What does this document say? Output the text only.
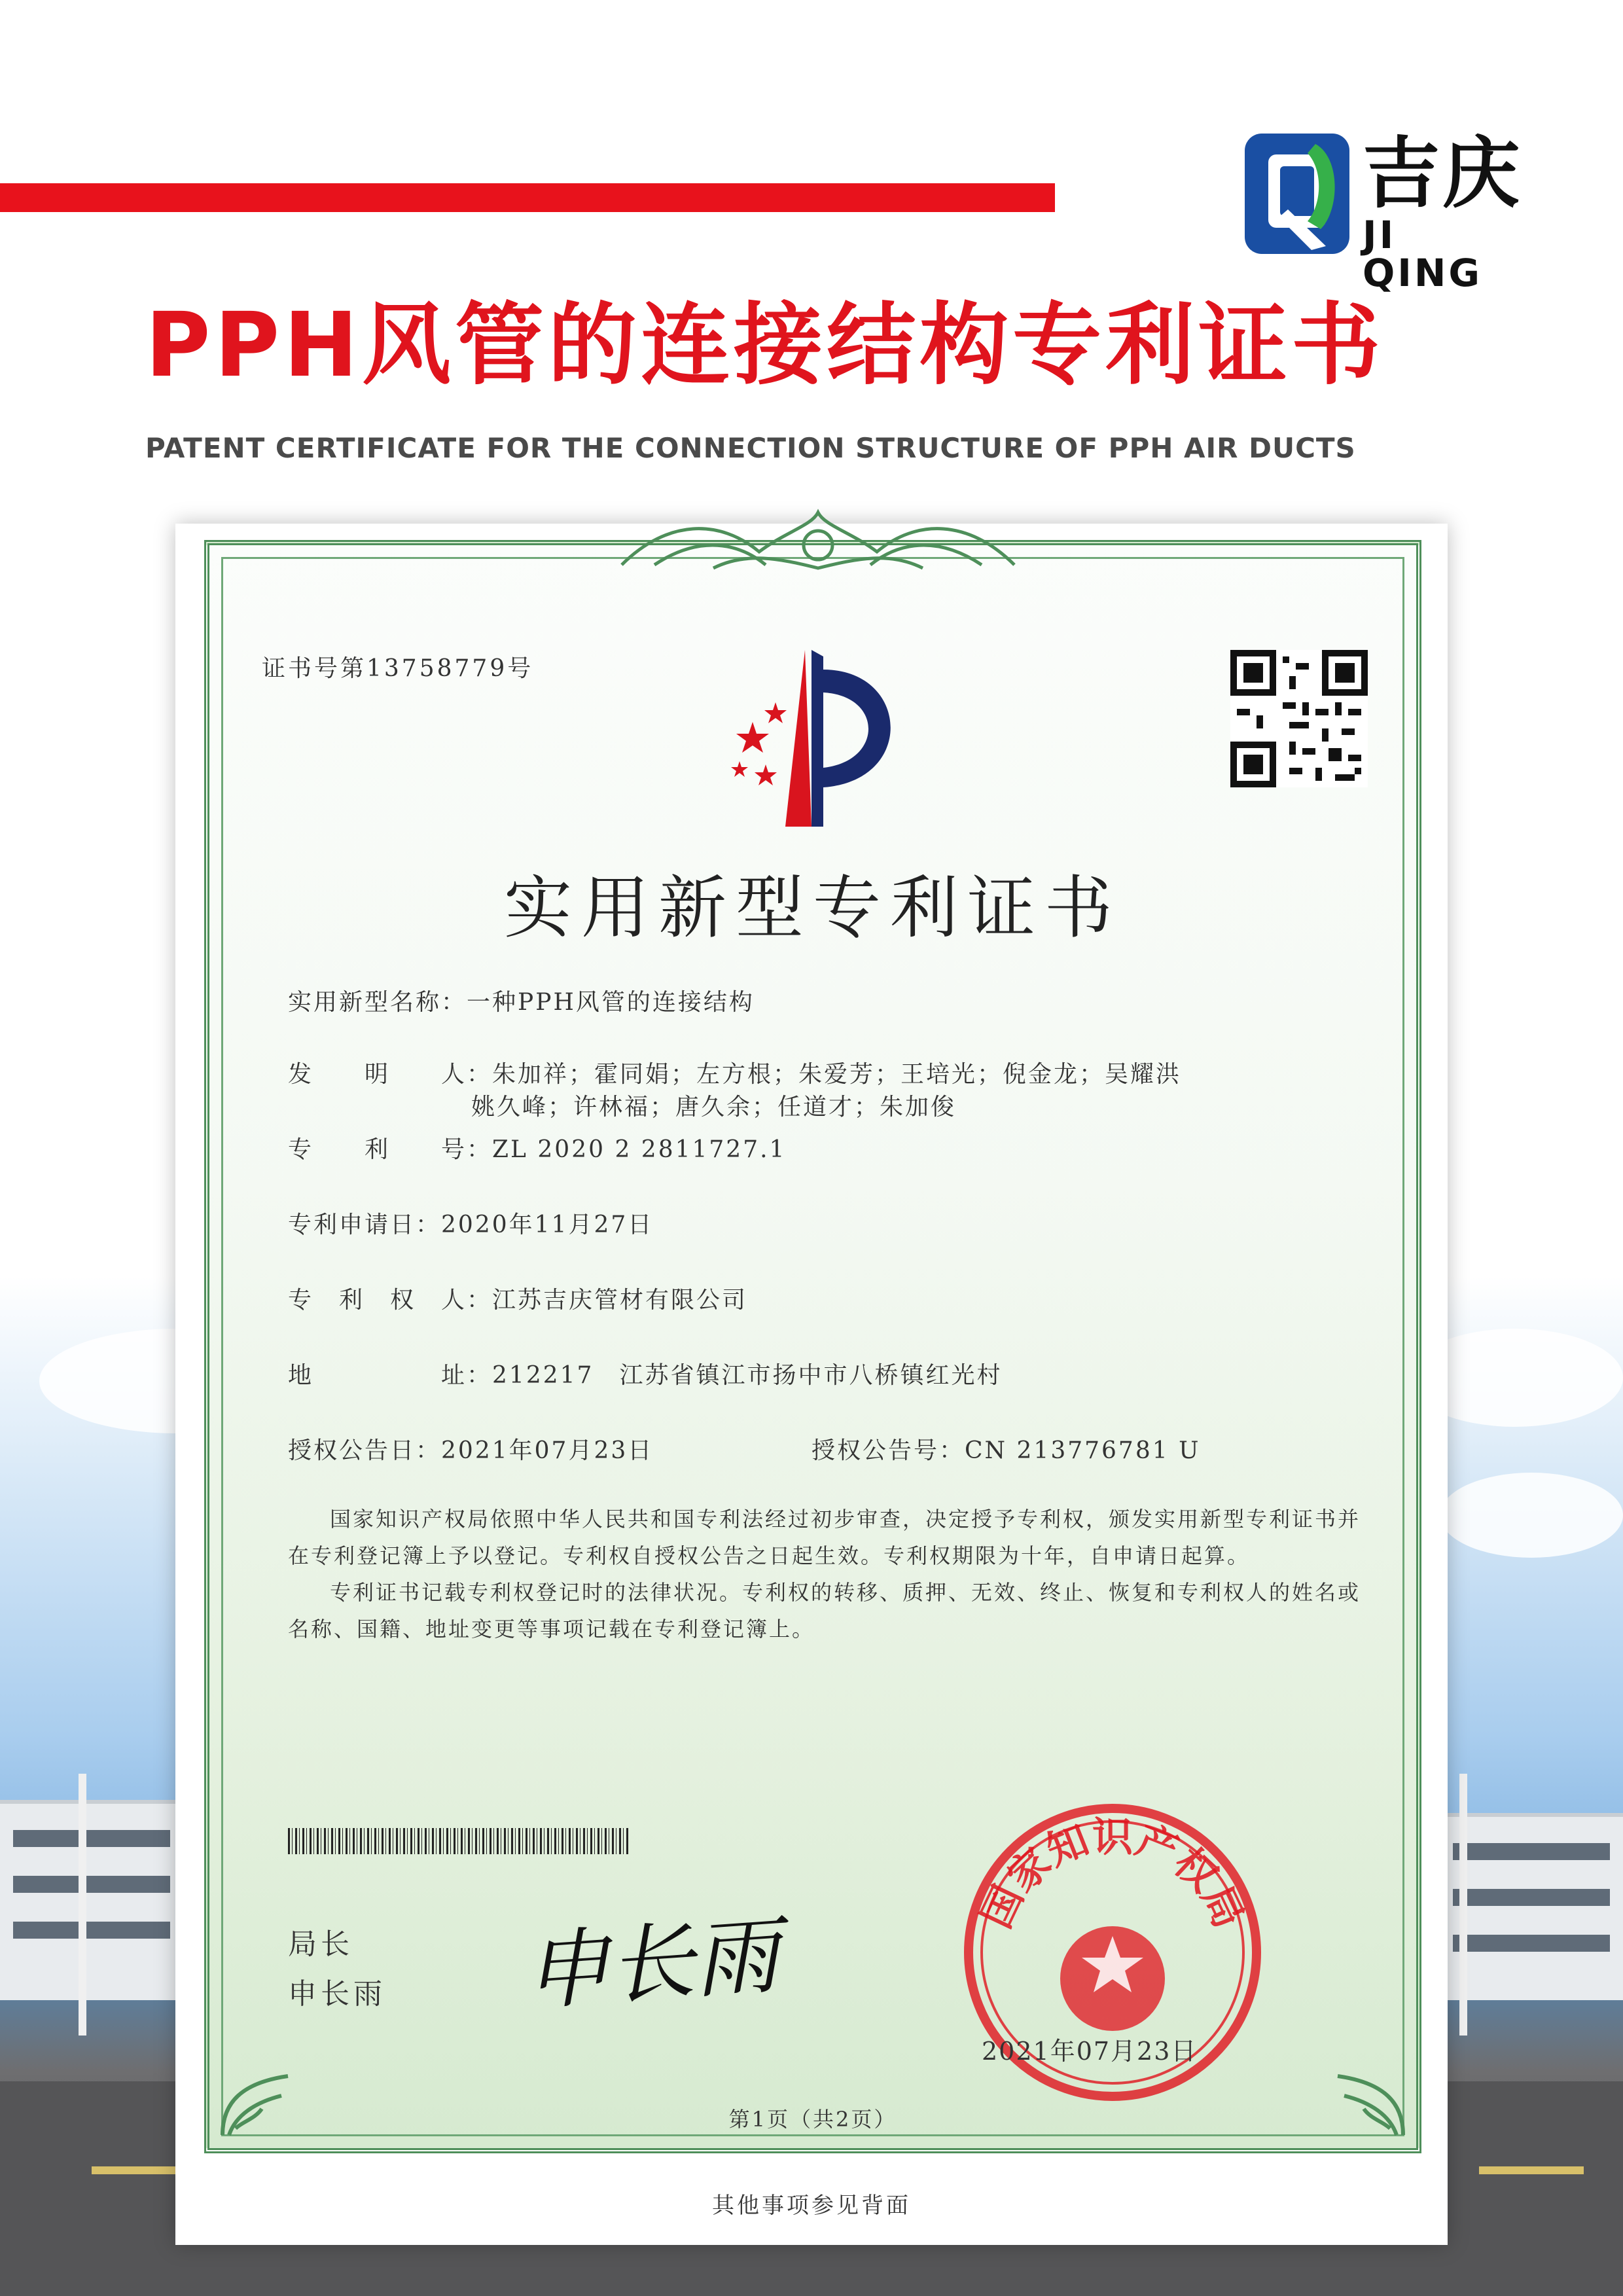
吉庆
JI QING
PPH风管的连接结构专利证书
PATENT CERTIFICATE FOR THE CONNECTION STRUCTURE OF PPH AIR DUCTS
证书号第13758779号
实用新型专利证书
实用新型名称：一种PPH风管的连接结构
发　　明　　人：朱加祥；霍同娟；左方根；朱爱芳；王培光；倪金龙；吴耀洪
姚久峰；许林福；唐久余；任道才；朱加俊
专　　利　　号：ZL 2020 2 2811727.1
专利申请日：2020年11月27日
专　利　权　人：江苏吉庆管材有限公司
地　　　　　址：212217　江苏省镇江市扬中市八桥镇红光村
授权公告日：2021年07月23日	授权公告号：CN 213776781 U

国家知识产权局依照中华人民共和国专利法经过初步审查，决定授予专利权，颁发实用新型专利证书并在专利登记簿上予以登记。专利权自授权公告之日起生效。专利权期限为十年，自申请日起算。

专利证书记载专利权登记时的法律状况。专利权的转移、质押、无效、终止、恢复和专利权人的姓名或名称、国籍、地址变更等事项记载在专利登记簿上。

局长
申长雨 申长雨	国家知识产权局
2021年07月23日
第1页（共2页）
其他事项参见背面
